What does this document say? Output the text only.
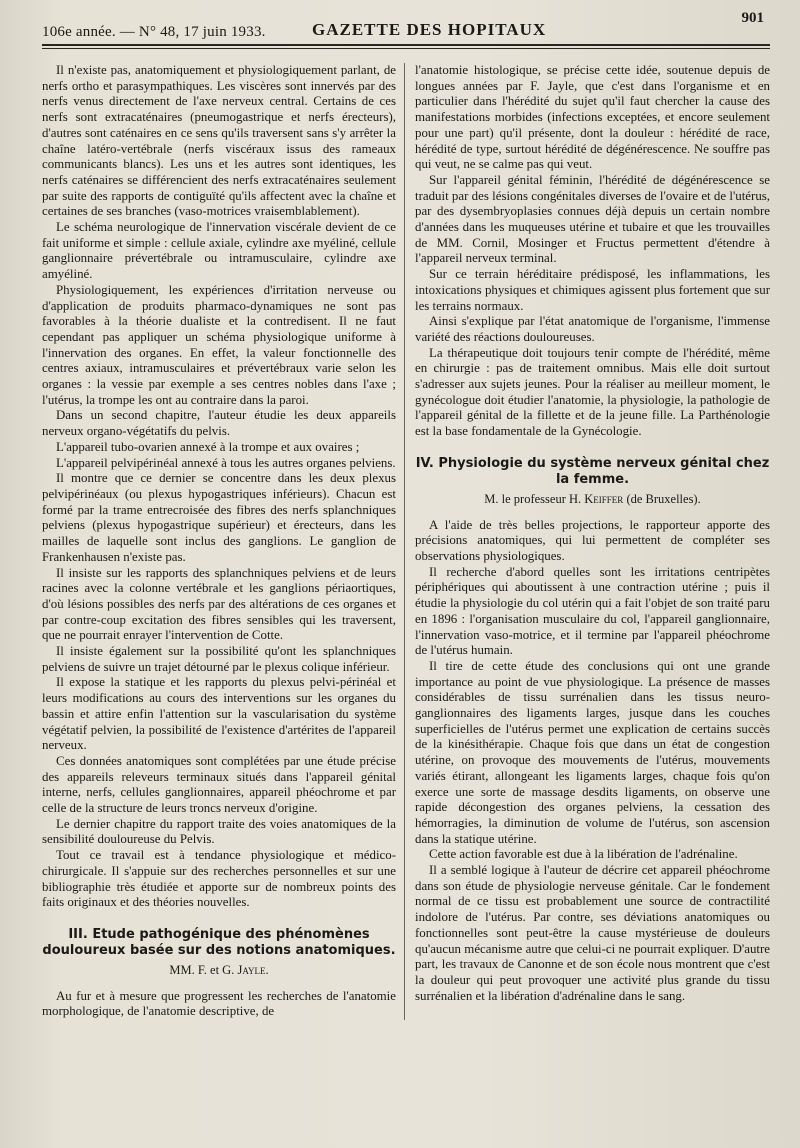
106e année. — N° 48, 17 juin 1933.	GAZETTE DES HOPITAUX
901

Il n'existe pas, anatomiquement et physiologiquement parlant, de nerfs ortho et parasympathiques. Les viscères sont innervés par des nerfs venus directement de l'axe nerveux central. Certains de ces nerfs sont extracaténaires (pneumogastrique et nerfs érecteurs), d'autres sont caténaires en ce sens qu'ils traversent sans s'y arrêter la chaîne latéro-vertébrale (nerfs viscéraux issus des rameaux communicants blancs). Les uns et les autres sont identiques, les nerfs caténaires se différencient des nerfs extracaténaires seulement par suite des rapports de contiguïté qu'ils affectent avec la chaîne et certaines de ses branches (vaso-motrices vraisemblablement).

Le schéma neurologique de l'innervation viscérale devient de ce fait uniforme et simple : cellule axiale, cylindre axe myéliné, cellule ganglionnaire prévertébrale ou intramusculaire, cylindre axe amyéliné.

Physiologiquement, les expériences d'irritation nerveuse ou d'application de produits pharmaco-dynamiques ne sont pas favorables à la théorie dualiste et la contredisent. Il ne faut cependant pas appliquer un schéma physiologique uniforme à l'innervation des organes. En effet, la valeur fonctionnelle des centres axiaux, intramusculaires et prévertébraux varie selon les organes : la vessie par exemple a ses centres nobles dans l'axe ; l'utérus, la trompe les ont au contraire dans la paroi.

Dans un second chapitre, l'auteur étudie les deux appareils nerveux organo-végétatifs du pelvis.

L'appareil tubo-ovarien annexé à la trompe et aux ovaires ;

L'appareil pelvipérinéal annexé à tous les autres organes pelviens.

Il montre que ce dernier se concentre dans les deux plexus pelvipérinéaux (ou plexus hypogastriques inférieurs). Chacun est formé par la trame entrecroisée des fibres des nerfs splanchniques pelviens (plexus hypogastrique supérieur) et érecteurs, dans les mailles de laquelle sont inclus des ganglions. Le ganglion de Frankenhausen n'existe pas.

Il insiste sur les rapports des splanchniques pelviens et de leurs racines avec la colonne vertébrale et les ganglions périaortiques, d'où lésions possibles des nerfs par des altérations de ces organes et par contre-coup excitation des fibres sensibles qui les traversent, que ne pourrait enrayer l'intervention de Cotte.

Il insiste également sur la possibilité qu'ont les splanchniques pelviens de suivre un trajet détourné par le plexus colique inférieur.

Il expose la statique et les rapports du plexus pelvi-périnéal et leurs modifications au cours des interventions sur les organes du bassin et attire enfin l'attention sur la vascularisation du système végétatif pelvien, la possibilité de l'existence d'artérites de l'appareil nerveux.

Ces données anatomiques sont complétées par une étude précise des appareils releveurs terminaux situés dans l'appareil génital interne, nerfs, cellules ganglionnaires, appareil phéochrome et par celle de la structure de leurs troncs nerveux d'origine.

Le dernier chapitre du rapport traite des voies anatomiques de la sensibilité douloureuse du Pelvis.

Tout ce travail est à tendance physiologique et médico-chirurgicale. Il s'appuie sur des recherches personnelles et sur une bibliographie très étudiée et apporte sur de nombreux points des faits originaux et des théories nouvelles.

III. Etude pathogénique des phénomènes douloureux basée sur des notions anatomiques.
MM. F. et G. Jayle.

Au fur et à mesure que progressent les recherches de l'anatomie morphologique, de l'anatomie descriptive, de

l'anatomie histologique, se précise cette idée, soutenue depuis de longues années par F. Jayle, que c'est dans l'organisme et en particulier dans l'hérédité du sujet qu'il faut chercher la cause des manifestations morbides (infections exceptées, et encore seulement pour une part) qu'il présente, dont la douleur : hérédité de race, hérédité de type, surtout hérédité de dégénérescence. Ne souffre pas qui veut, ne se calme pas qui veut.

Sur l'appareil génital féminin, l'hérédité de dégénérescence se traduit par des lésions congénitales diverses de l'ovaire et de l'utérus, par des dysembryoplasies connues déjà depuis un certain nombre d'années dans les muqueuses utérine et tubaire et que les trouvailles de MM. Cornil, Mosinger et Fructus permettent d'étendre à l'appareil nerveux terminal.

Sur ce terrain héréditaire prédisposé, les inflammations, les intoxications physiques et chimiques agissent plus fortement que sur les terrains normaux.

Ainsi s'explique par l'état anatomique de l'organisme, l'immense variété des réactions douloureuses.

La thérapeutique doit toujours tenir compte de l'hérédité, même en chirurgie : pas de traitement omnibus. Mais elle doit surtout s'adresser aux sujets jeunes. Pour la réaliser au meilleur moment, le gynécologue doit étudier l'anatomie, la physiologie, la pathologie de l'appareil génital de la fillette et de la jeune fille. La Parthénologie est la base fondamentale de la Gynécologie.

IV. Physiologie du système nerveux génital chez la femme.
M. le professeur H. Keiffer (de Bruxelles).

A l'aide de très belles projections, le rapporteur apporte des précisions anatomiques, qui lui permettent de compléter ses observations physiologiques.

Il recherche d'abord quelles sont les irritations centripètes périphériques qui aboutissent à une contraction utérine ; puis il étudie la physiologie du col utérin qui a fait l'objet de son traité paru en 1896 : l'organisation musculaire du col, l'appareil ganglionnaire, l'innervation vaso-motrice, et il termine par l'appareil phéochrome de l'utérus humain.

Il tire de cette étude des conclusions qui ont une grande importance au point de vue physiologique. La présence de masses considérables de tissu surrénalien dans les tissus neuro-ganglionnaires des ligaments larges, jusque dans les couches superficielles de l'utérus permet une explication de certains succès de la kinésithérapie. Chaque fois que dans un état de congestion utérine, on provoque des mouvements de l'utérus, mouvements variés étirant, allongeant les ligaments larges, chaque fois qu'on exerce une sorte de massage desdits ligaments, on observe une rapide décongestion des organes pelviens, la cessation des hémorragies, la diminution de volume de l'utérus, son ascension dans la statique utérine.

Cette action favorable est due à la libération de l'adrénaline.

Il a semblé logique à l'auteur de décrire cet appareil phéochrome dans son étude de physiologie nerveuse génitale. Car le fondement normal de ce tissu est probablement une source de contractilité indolore de l'utérus. Par contre, ses déviations anatomiques ou fonctionnelles sont peut-être la cause mystérieuse de douleurs qu'aucun mécanisme autre que celui-ci ne pourrait expliquer. D'autre part, les travaux de Canonne et de son école nous montrent que c'est la douleur qui peut provoquer une activité plus grande du tissu surrénalien et la libération d'adrénaline dans le sang.
